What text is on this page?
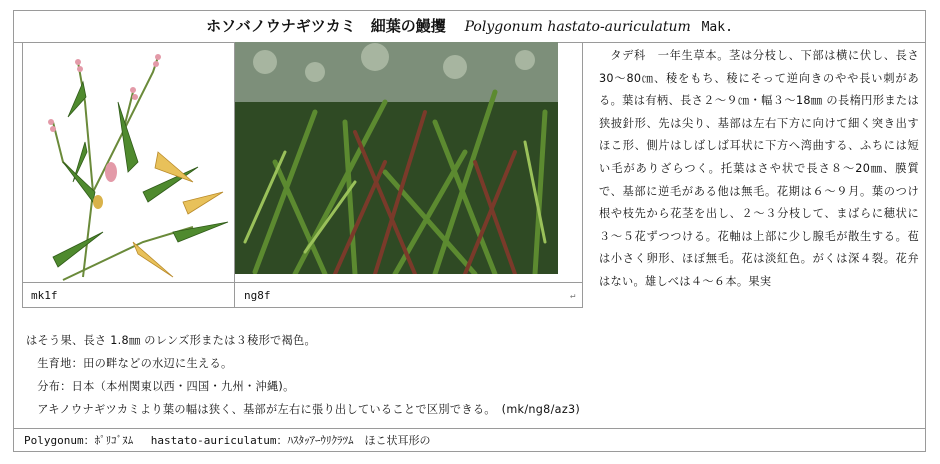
ホソバノウナギツカミ　細葉の鰻攫 Polygonum hastato-auriculatum Mak.
mk1f	ng8f	↵

タデ科　一年生草本。茎は分枝し、下部は横に伏し、長さ 30～80㎝、稜をもち、稜にそって逆向きのやや長い刺がある。葉は有柄、長さ２～９㎝・幅３～18㎜ の長楕円形または狭披針形、先は尖り、基部は左右下方に向けて細く突き出すほこ形、側片はしばしば耳状に下方へ湾曲する、ふちには短い毛がありざらつく。托葉はさや状で長さ８～20㎜、膜質で、基部に逆毛がある他は無毛。花期は６～９月。葉のつけ根や枝先から花茎を出し、２～３分枝して、まばらに穂状に３～５花ずつつける。花軸は上部に少し腺毛が散生する。苞は小さく卵形、ほぼ無毛。花は淡紅色。がくは深４裂。花弁はない。雄しべは４～６本。果実

はそう果、長さ 1.8㎜ のレンズ形または３稜形で褐色。
生育地：田の畔などの水辺に生える。
分布：日本（本州関東以西・四国・九州・沖縄)。
アキノウナギツカミより葉の幅は狭く、基部が左右に張り出していることで区別できる。　(mk/ng8/az3)
Polygonum：ﾎﾟﾘｺﾞﾇﾑ　 hastato-auriculatum：ﾊｽﾀｯｱｰｳﾘｸﾗﾂﾑ　ほこ状耳形の
